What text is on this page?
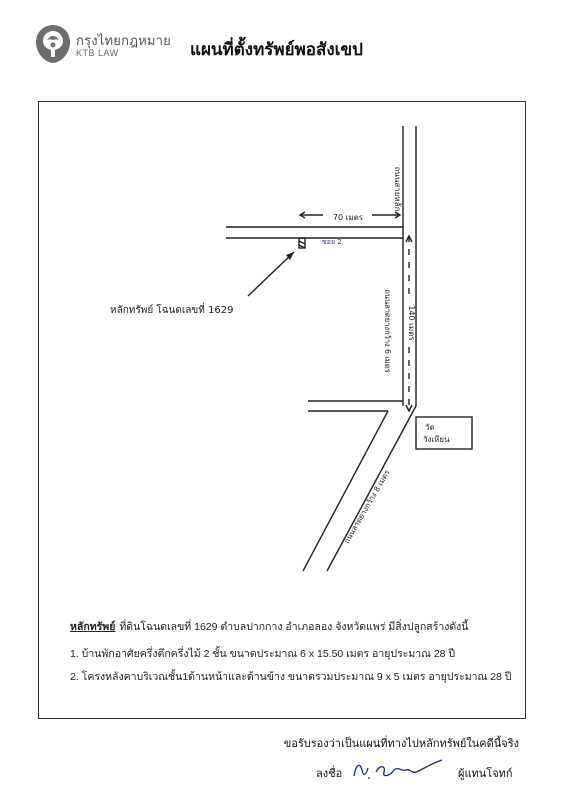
กรุงไทยกฎหมาย
KTB LAW	แผนที่ตั้งทรัพย์พอสังเขป
ถนนสายหลัก
70 เมตร
ซอย 2
140 เมตร
ถนนลาดยางกว้าง 6 เมตร
ถนนลาดยางกว้าง 8 เมตร
วัด
วังเหียน
หลักทรัพย์ โฉนดเลขที่ 1629
หลักทรัพย์ ที่ดินโฉนดเลขที่ 1629 ตำบลปากกาง อำเภอลอง จังหวัดแพร่ มีสิ่งปลูกสร้างดังนี้
1. บ้านพักอาศัยครึ่งตึกครึ่งไม้ 2 ชั้น ขนาดประมาณ 6 x 15.50 เมตร อายุประมาณ 28 ปี
2. โครงหลังคาบริเวณชั้น1ด้านหน้าและด้านข้าง ขนาดรวมประมาณ 9 x 5 เมตร อายุประมาณ 28 ปี
ขอรับรองว่าเป็นแผนที่ทางไปหลักทรัพย์ในคดีนี้จริง
ลงชื่อ	ผู้แทนโจทก์
